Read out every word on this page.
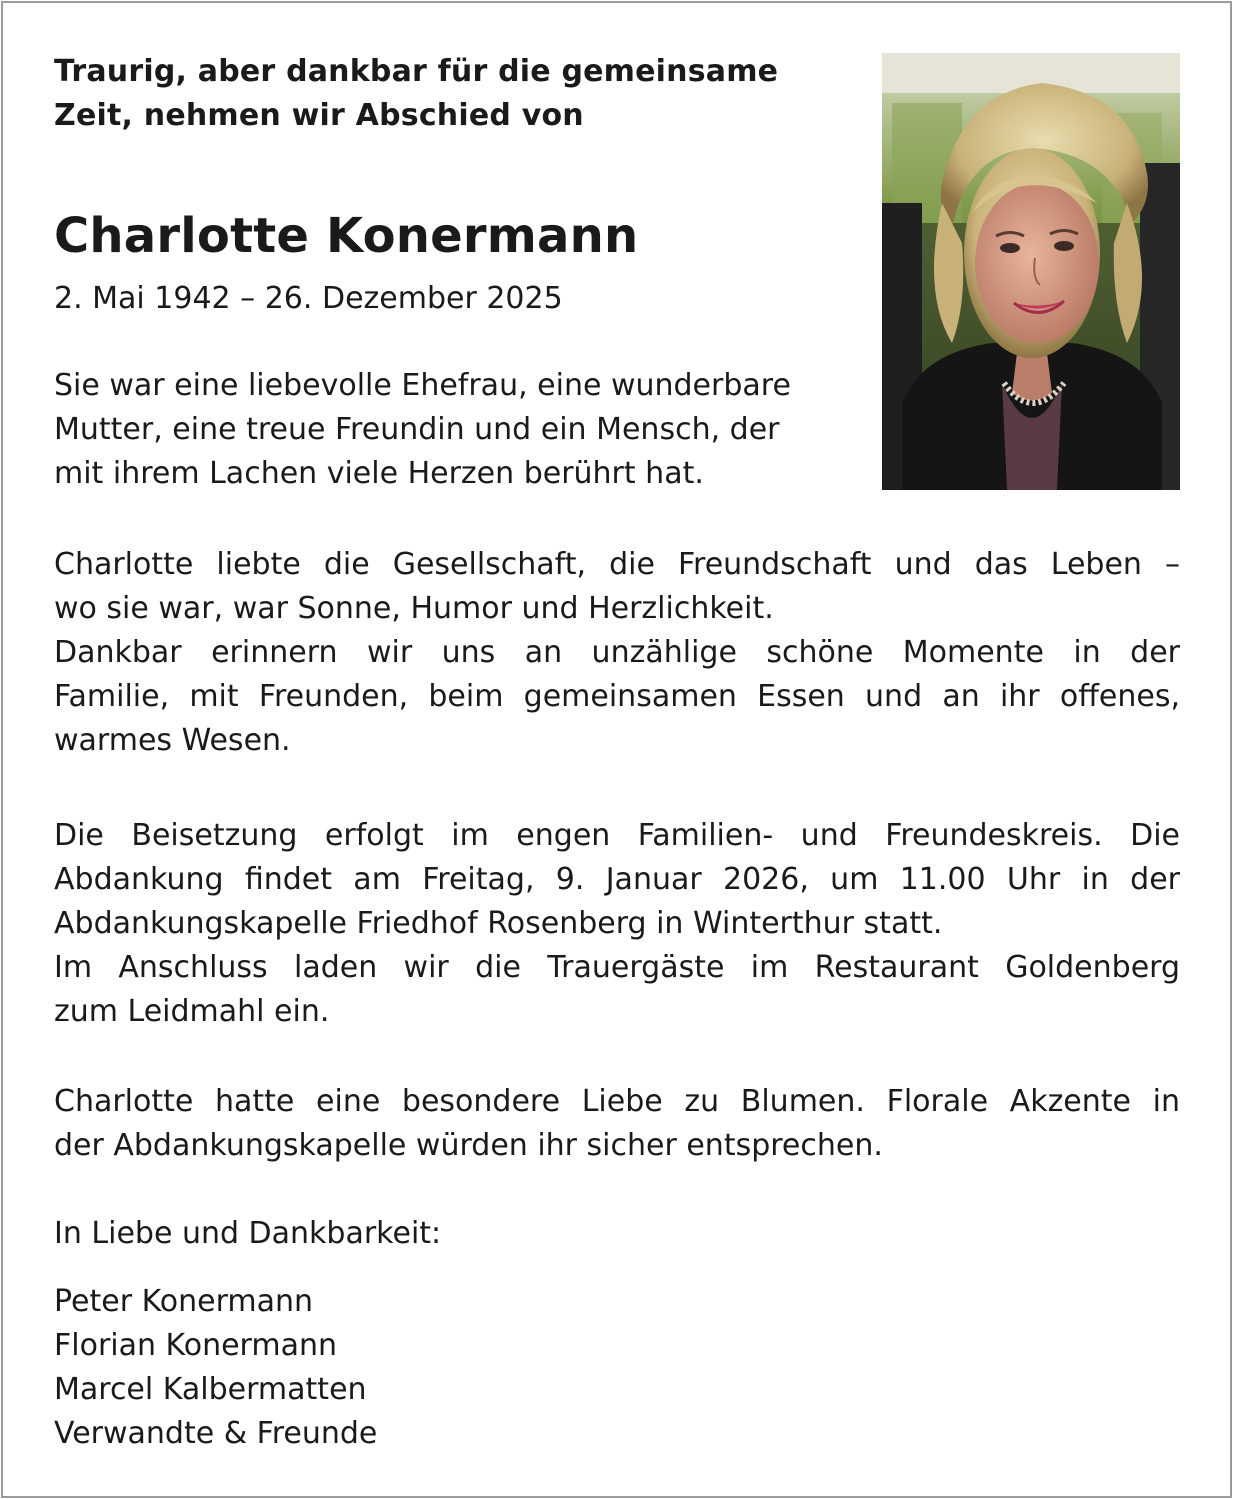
Traurig, aber dankbar für die gemeinsame
Zeit, nehmen wir Abschied von
Charlotte Konermann
2. Mai 1942 – 26. Dezember 2025
Sie war eine liebevolle Ehefrau, eine wunderbare
Mutter, eine treue Freundin und ein Mensch, der
mit ihrem Lachen viele Herzen berührt hat.
Charlotte liebte die Gesellschaft, die Freundschaft und das Leben –
wo sie war, war Sonne, Humor und Herzlichkeit.
Dankbar erinnern wir uns an unzählige schöne Momente in der
Familie, mit Freunden, beim gemeinsamen Essen und an ihr offenes,
warmes Wesen.
Die Beisetzung erfolgt im engen Familien- und Freundeskreis. Die
Abdankung findet am Freitag, 9. Januar 2026, um 11.00 Uhr in der
Abdankungskapelle Friedhof Rosenberg in Winterthur statt.
Im Anschluss laden wir die Trauergäste im Restaurant Goldenberg
zum Leidmahl ein.
Charlotte hatte eine besondere Liebe zu Blumen. Florale Akzente in
der Abdankungskapelle würden ihr sicher entsprechen.
In Liebe und Dankbarkeit:
Peter Konermann
Florian Konermann
Marcel Kalbermatten
Verwandte & Freunde
